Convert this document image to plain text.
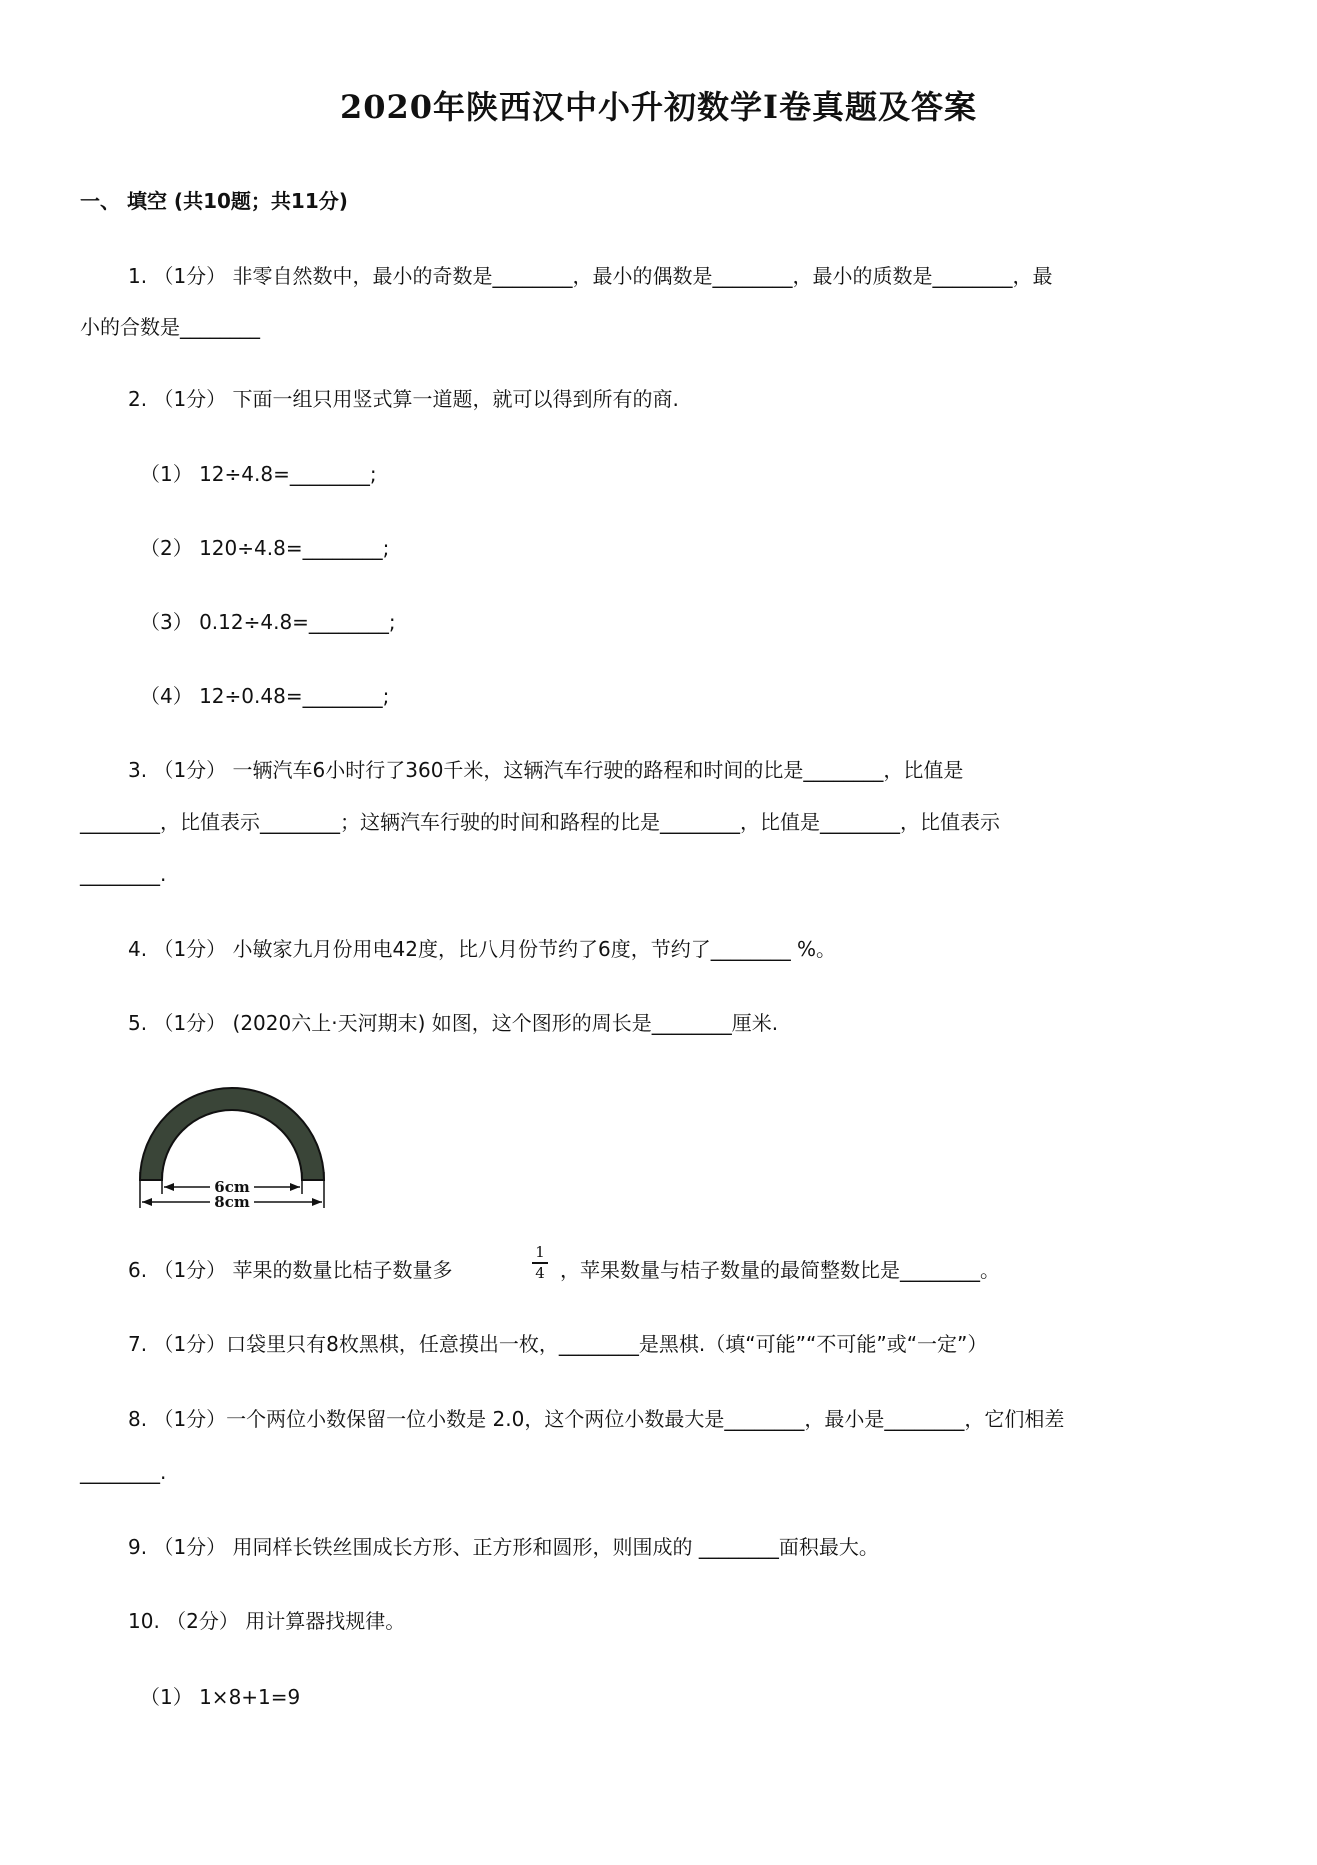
2020年陕西汉中小升初数学Ⅰ卷真题及答案
一、 填空 (共10题；共11分)
1. （1分） 非零自然数中，最小的奇数是________，最小的偶数是________，最小的质数是________，最
小的合数是________
2. （1分） 下面一组只用竖式算一道题，就可以得到所有的商.
（1） 12÷4.8=________;
（2） 120÷4.8=________;
（3） 0.12÷4.8=________;
（4） 12÷0.48=________;
3. （1分） 一辆汽车6小时行了360千米，这辆汽车行驶的路程和时间的比是________，比值是
________，比值表示________；这辆汽车行驶的时间和路程的比是________，比值是________，比值表示
________.
4. （1分） 小敏家九月份用电42度，比八月份节约了6度，节约了________ %。
5. （1分） (2020六上·天河期末) 如图，这个图形的周长是________厘米.
6cm
8cm
6. （1分） 苹果的数量比桔子数量多
1
4 ，苹果数量与桔子数量的最简整数比是________。
7. （1分）口袋里只有8枚黑棋，任意摸出一枚，________是黑棋.（填“可能”“不可能”或“一定”）
8. （1分）一个两位小数保留一位小数是 2.0，这个两位小数最大是________，最小是________，它们相差
________.
9. （1分） 用同样长铁丝围成长方形、正方形和圆形，则围成的 ________面积最大。
10. （2分） 用计算器找规律。
（1） 1×8+1=9
